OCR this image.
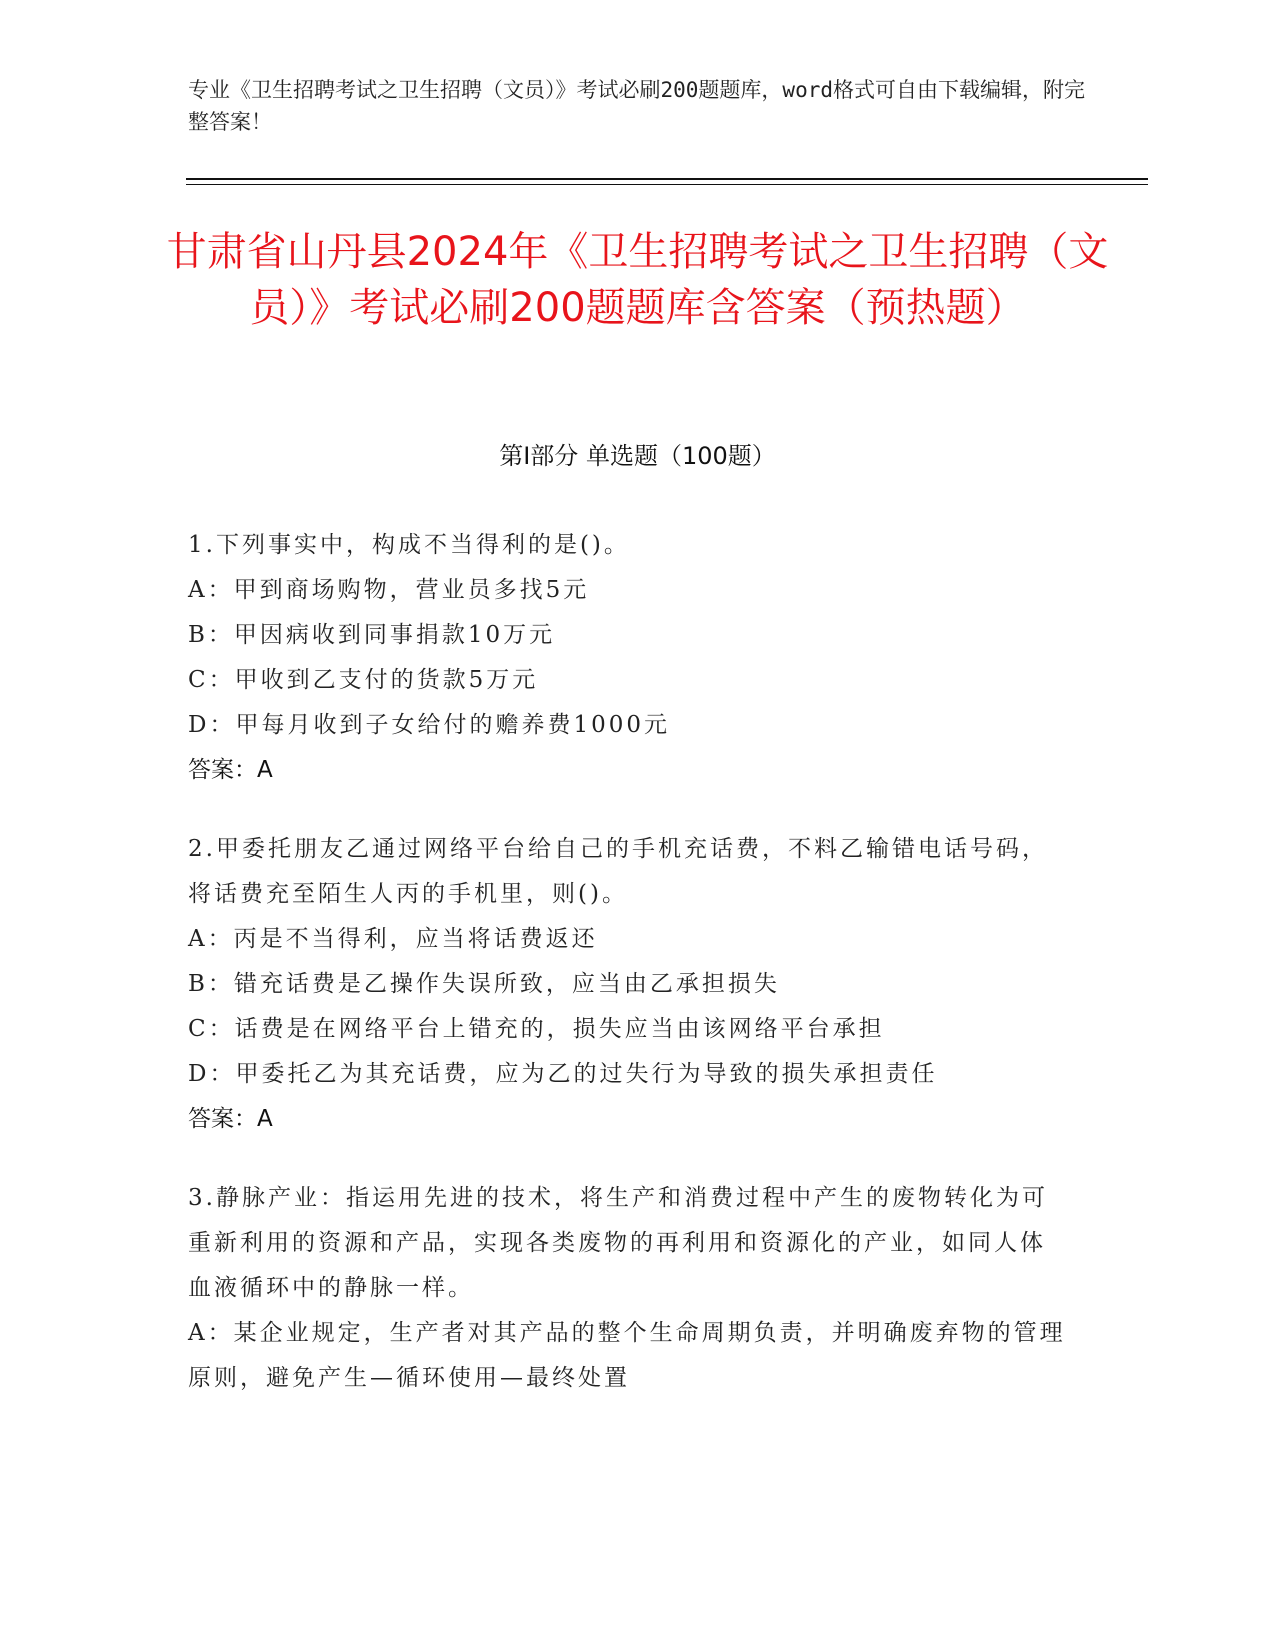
专业《卫生招聘考试之卫生招聘（文员）》考试必刷200题题库，word格式可自由下载编辑，附完整答案！
甘肃省山丹县2024年《卫生招聘考试之卫生招聘（文员）》考试必刷200题题库含答案（预热题）
第I部分 单选题（100题）
1.下列事实中，构成不当得利的是()。
A：甲到商场购物，营业员多找5元
B：甲因病收到同事捐款10万元
C：甲收到乙支付的货款5万元
D：甲每月收到子女给付的赡养费1000元
答案：A
2.甲委托朋友乙通过网络平台给自己的手机充话费，不料乙输错电话号码，将话费充至陌生人丙的手机里，则()。
A：丙是不当得利，应当将话费返还
B：错充话费是乙操作失误所致，应当由乙承担损失
C：话费是在网络平台上错充的，损失应当由该网络平台承担
D：甲委托乙为其充话费，应为乙的过失行为导致的损失承担责任
答案：A
3.静脉产业：指运用先进的技术，将生产和消费过程中产生的废物转化为可重新利用的资源和产品，实现各类废物的再利用和资源化的产业，如同人体血液循环中的静脉一样。
A：某企业规定，生产者对其产品的整个生命周期负责，并明确废弃物的管理原则，避免产生—循环使用—最终处置
